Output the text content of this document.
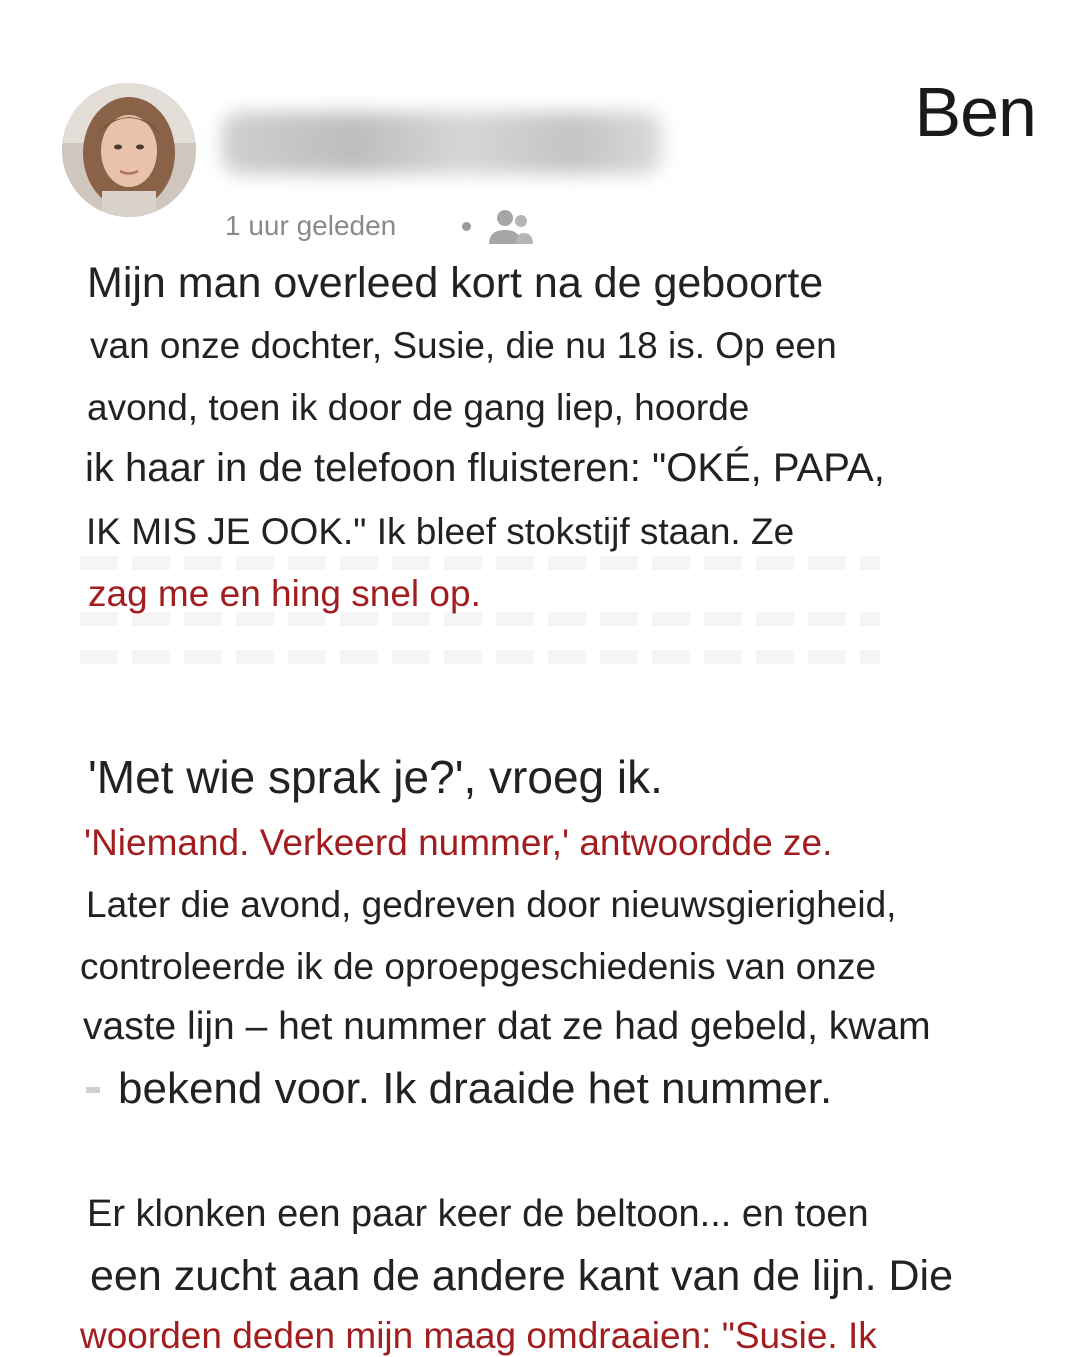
Ben
1 uur geleden
Mijn man overleed kort na de geboorte
van onze dochter, Susie, die nu 18 is. Op een
avond, toen ik door de gang liep, hoorde
ik haar in de telefoon fluisteren: "OKÉ, PAPA,
IK MIS JE OOK." Ik bleef stokstijf staan. Ze
zag me en hing snel op.
'Met wie sprak je?', vroeg ik.
'Niemand. Verkeerd nummer,' antwoordde ze.
Later die avond, gedreven door nieuwsgierigheid,
controleerde ik de oproepgeschiedenis van onze
vaste lijn – het nummer dat ze had gebeld, kwam
bekend voor. Ik draaide het nummer.
Er klonken een paar keer de beltoon... en toen
een zucht aan de andere kant van de lijn. Die
woorden deden mijn maag omdraaien: "Susie. Ik
